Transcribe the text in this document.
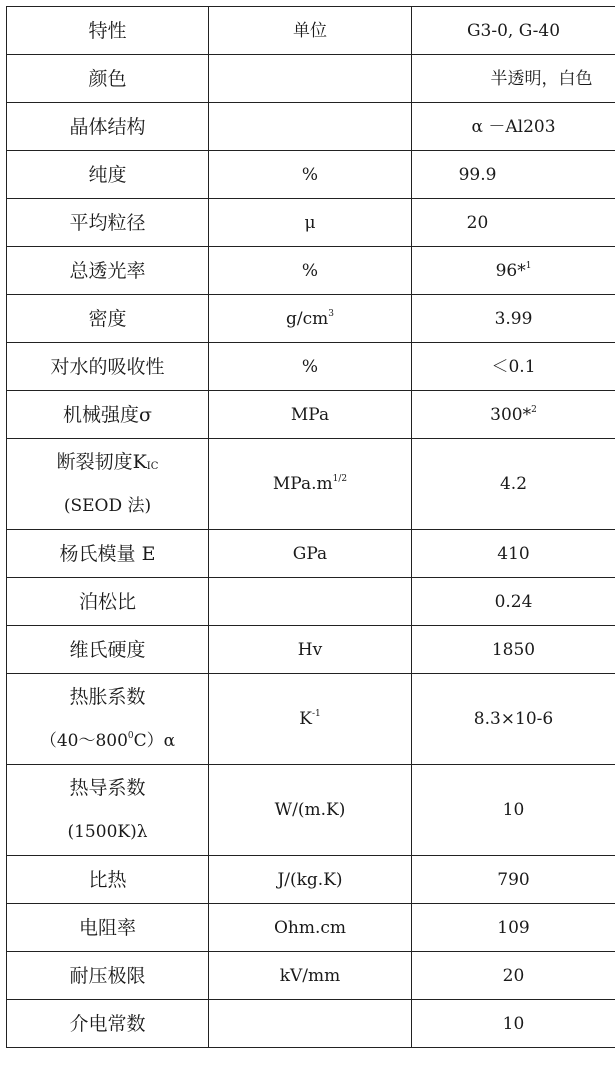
特性	单位	G3-0, G-40
颜色		半透明，白色
晶体结构		α －Al203
纯度	%	99.9
平均粒径	μ	20
总透光率	%	96*$^1$
密度	$g/cm^3$	3.99
对水的吸收性	%	＜0.1
机械强度σ	MPa	300*$^2$
断裂韧度$K_{IC}$
(SEOD 法)	$MPa.m^{1/2}$	4.2
杨氏模量 E	GPa	410
泊松比		0.24
维氏硬度	Hv	1850
热胀系数
$(40\sim 800^0C)\alpha$	$K^{-1}$	8.3×10-6
热导系数
(1500K)λ	W/(m.K)	10
比热	J/(kg.K)	790
电阻率	Ohm.cm	109
耐压极限	kV/mm	20
介电常数		10
